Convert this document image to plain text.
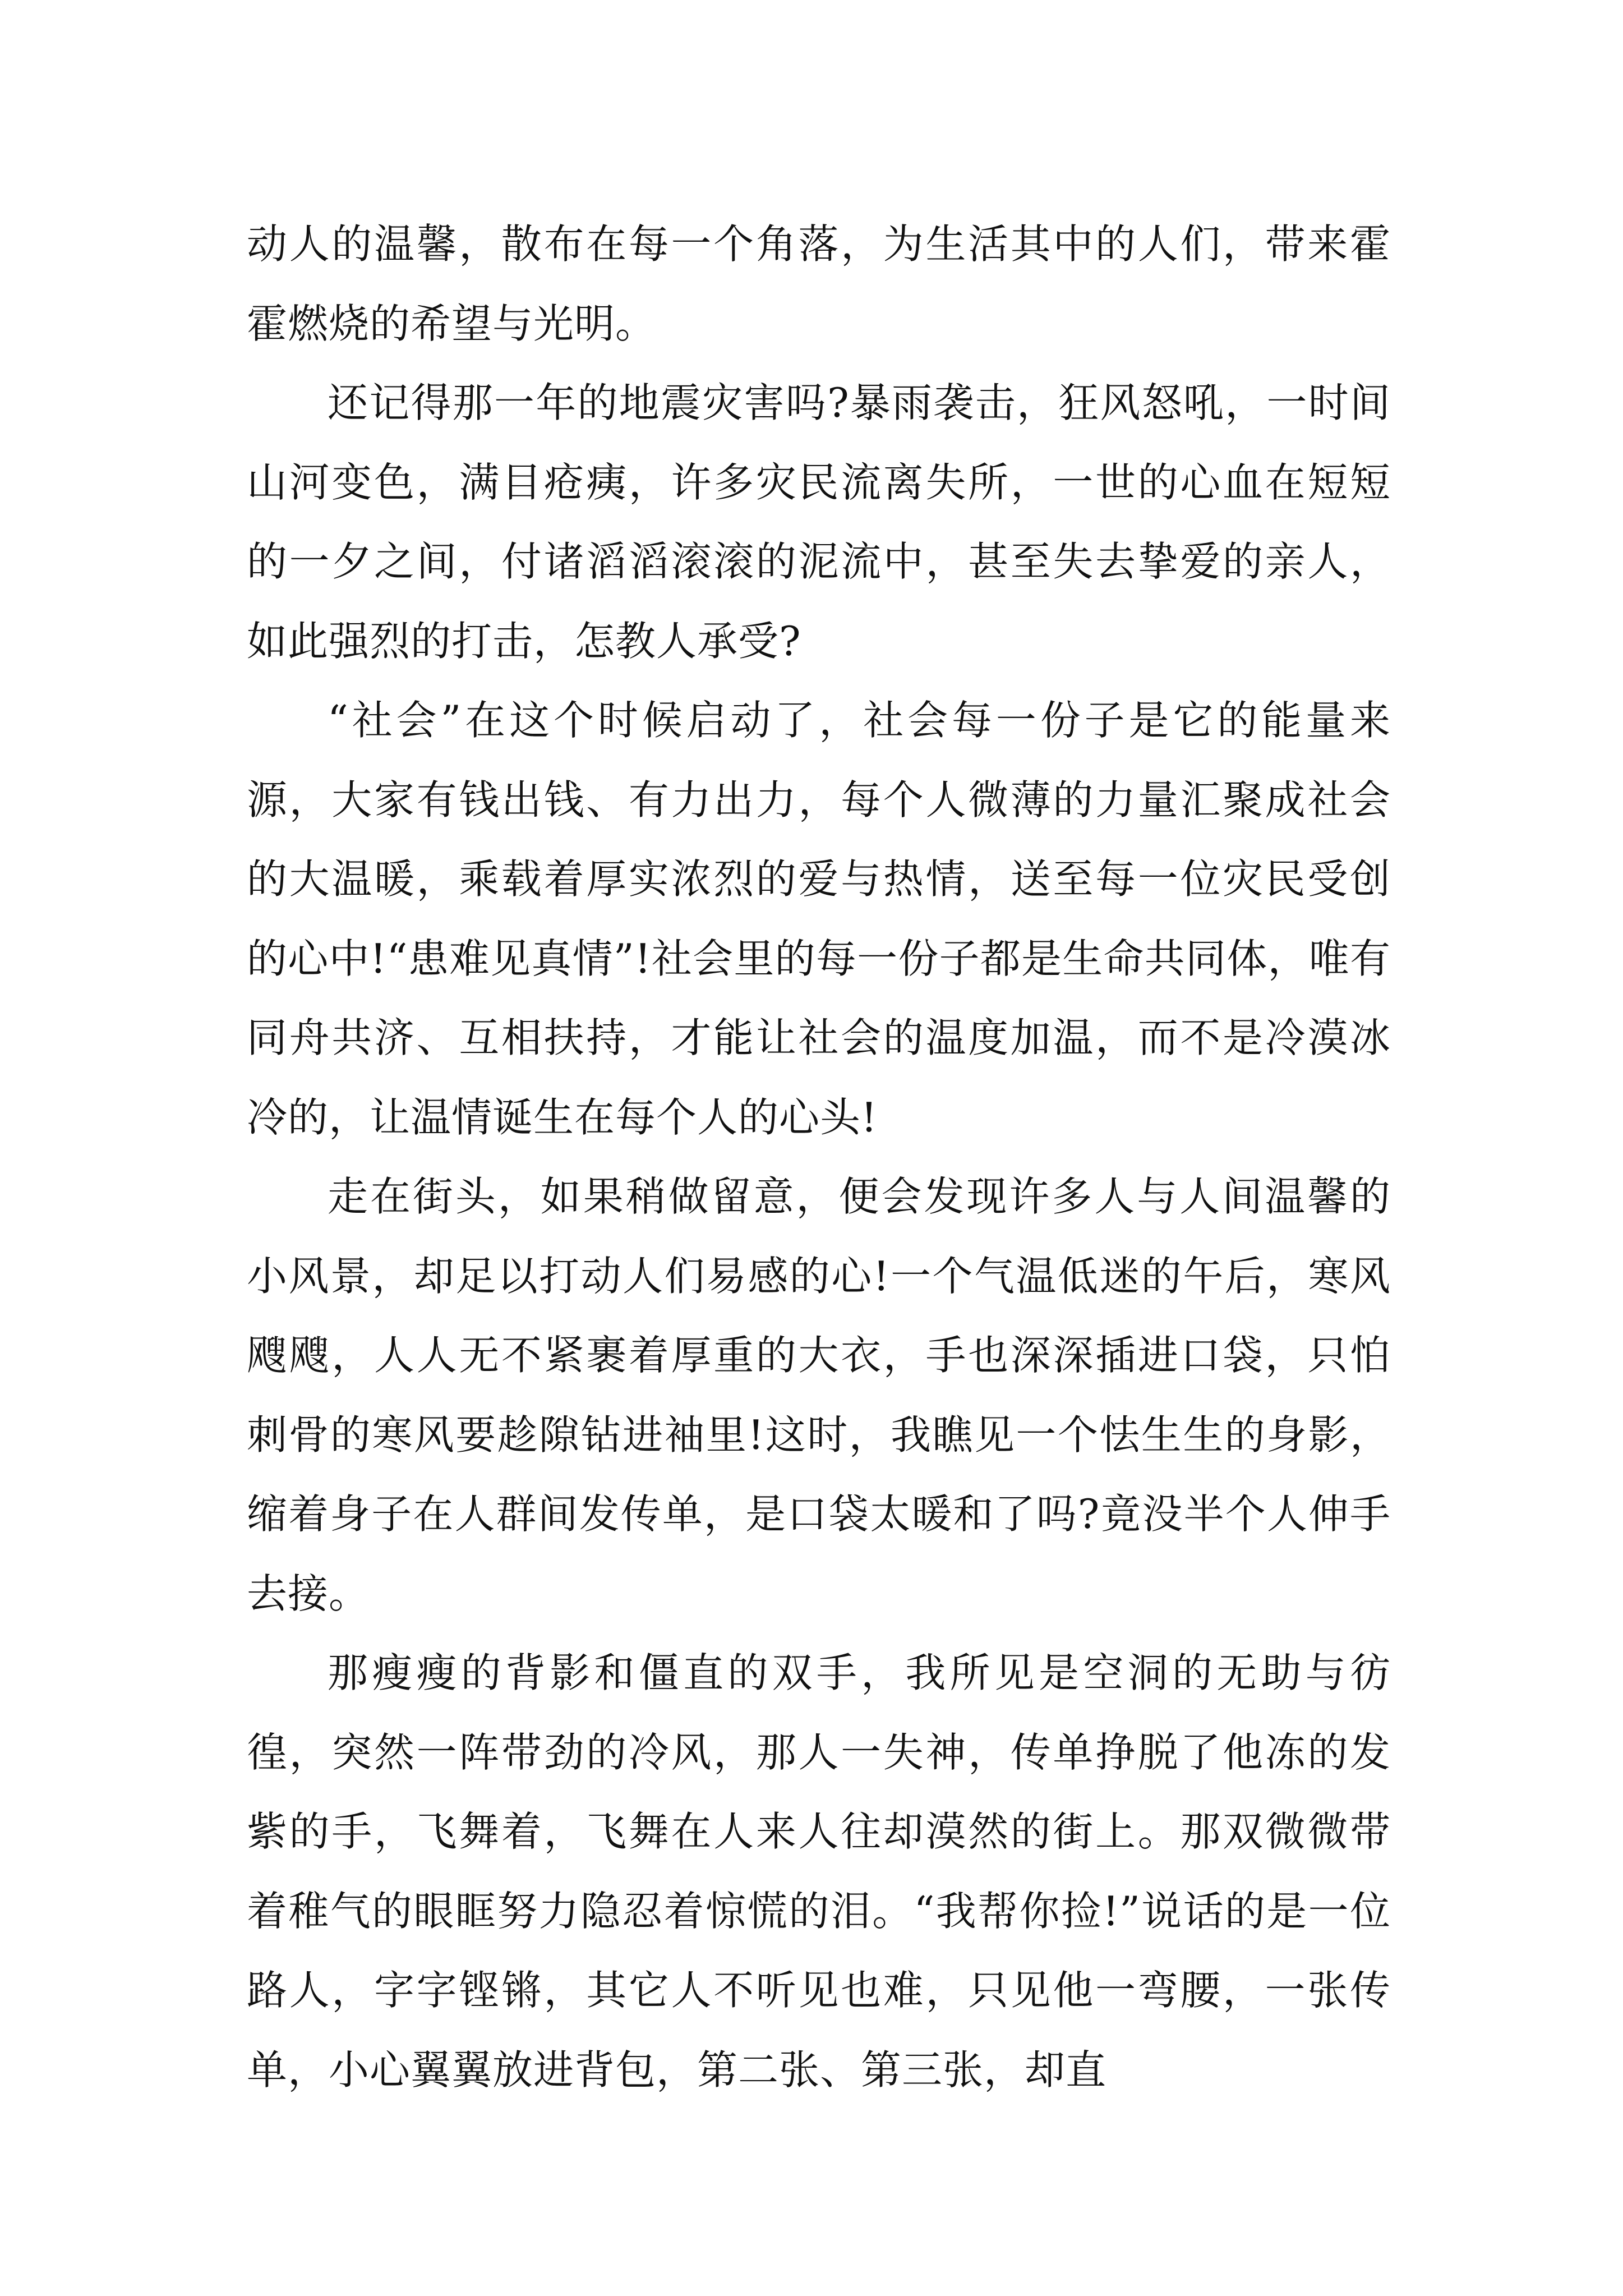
动人的温馨，散布在每一个角落，为生活其中的人们，带来霍霍燃烧的希望与光明。

还记得那一年的地震灾害吗?暴雨袭击，狂风怒吼，一时间山河变色，满目疮痍，许多灾民流离失所，一世的心血在短短的一夕之间，付诸滔滔滚滚的泥流中，甚至失去挚爱的亲人，如此强烈的打击，怎教人承受?

“社会”在这个时候启动了，社会每一份子是它的能量来源，大家有钱出钱、有力出力，每个人微薄的力量汇聚成社会的大温暖，乘载着厚实浓烈的爱与热情，送至每一位灾民受创的心中!“患难见真情”!社会里的每一份子都是生命共同体，唯有同舟共济、互相扶持，才能让社会的温度加温，而不是冷漠冰冷的，让温情诞生在每个人的心头!

走在街头，如果稍做留意，便会发现许多人与人间温馨的小风景，却足以打动人们易感的心!一个气温低迷的午后，寒风飕飕，人人无不紧裹着厚重的大衣，手也深深插进口袋，只怕刺骨的寒风要趁隙钻进袖里!这时，我瞧见一个怯生生的身影，缩着身子在人群间发传单，是口袋太暖和了吗?竟没半个人伸手去接。

那瘦瘦的背影和僵直的双手，我所见是空洞的无助与彷徨，突然一阵带劲的冷风，那人一失神，传单挣脱了他冻的发紫的手，飞舞着，飞舞在人来人往却漠然的街上。那双微微带着稚气的眼眶努力隐忍着惊慌的泪。“我帮你捡!”说话的是一位路人，字字铿锵，其它人不听见也难，只见他一弯腰，一张传单，小心翼翼放进背包，第二张、第三张，却直
